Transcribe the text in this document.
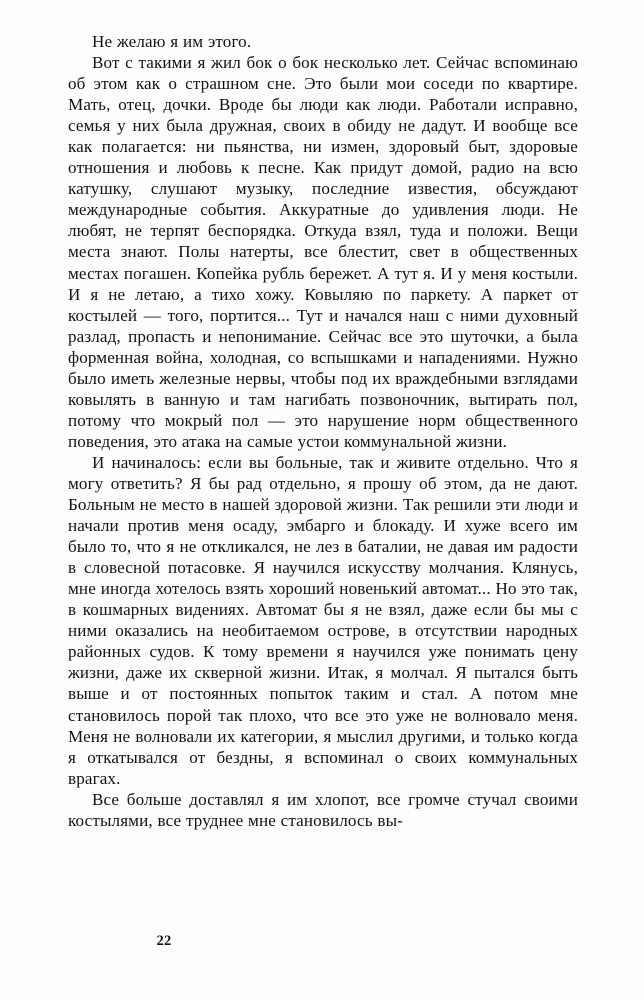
Не желаю я им этого.

Вот с такими я жил бок о бок несколько лет. Сейчас вспоминаю об этом как о страшном сне. Это были мои соседи по квартире. Мать, отец, дочки. Вроде бы люди как люди. Работали исправно, семья у них была дружная, своих в обиду не дадут. И вообще все как полагается: ни пьянства, ни измен, здоровый быт, здоровые отношения и любовь к песне. Как придут домой, радио на всю катушку, слушают музыку, последние известия, обсуждают международные события. Аккуратные до удивления люди. Не любят, не терпят беспорядка. Откуда взял, туда и положи. Вещи места знают. Полы натерты, все блестит, свет в общественных местах погашен. Копейка рубль бережет. А тут я. И у меня костыли. И я не летаю, а тихо хожу. Ковыляю по паркету. А паркет от костылей — того, портится... Тут и начался наш с ними духовный разлад, пропасть и непонимание. Сейчас все это шуточки, а была форменная война, холодная, со вспышками и нападениями. Нужно было иметь железные нервы, чтобы под их враждебными взглядами ковылять в ванную и там нагибать позвоночник, вытирать пол, потому что мокрый пол — это нарушение норм общественного поведения, это атака на самые устои коммунальной жизни.

И начиналось: если вы больные, так и живите отдельно. Что я могу ответить? Я бы рад отдельно, я прошу об этом, да не дают. Больным не место в нашей здоровой жизни. Так решили эти люди и начали против меня осаду, эмбарго и блокаду. И хуже всего им было то, что я не откликался, не лез в баталии, не давая им радости в словесной потасовке. Я научился искусству молчания. Клянусь, мне иногда хотелось взять хороший новенький автомат... Но это так, в кошмарных видениях. Автомат бы я не взял, даже если бы мы с ними оказались на необитаемом острове, в отсутствии народных районных судов. К тому времени я научился уже понимать цену жизни, даже их скверной жизни. Итак, я молчал. Я пытался быть выше и от постоянных попыток таким и стал. А потом мне становилось порой так плохо, что все это уже не волновало меня. Меня не волновали их категории, я мыслил другими, и только когда я откатывался от бездны, я вспоминал о своих коммунальных врагах.

Все больше доставлял я им хлопот, все громче стучал своими костылями, все труднее мне становилось вы-

22
